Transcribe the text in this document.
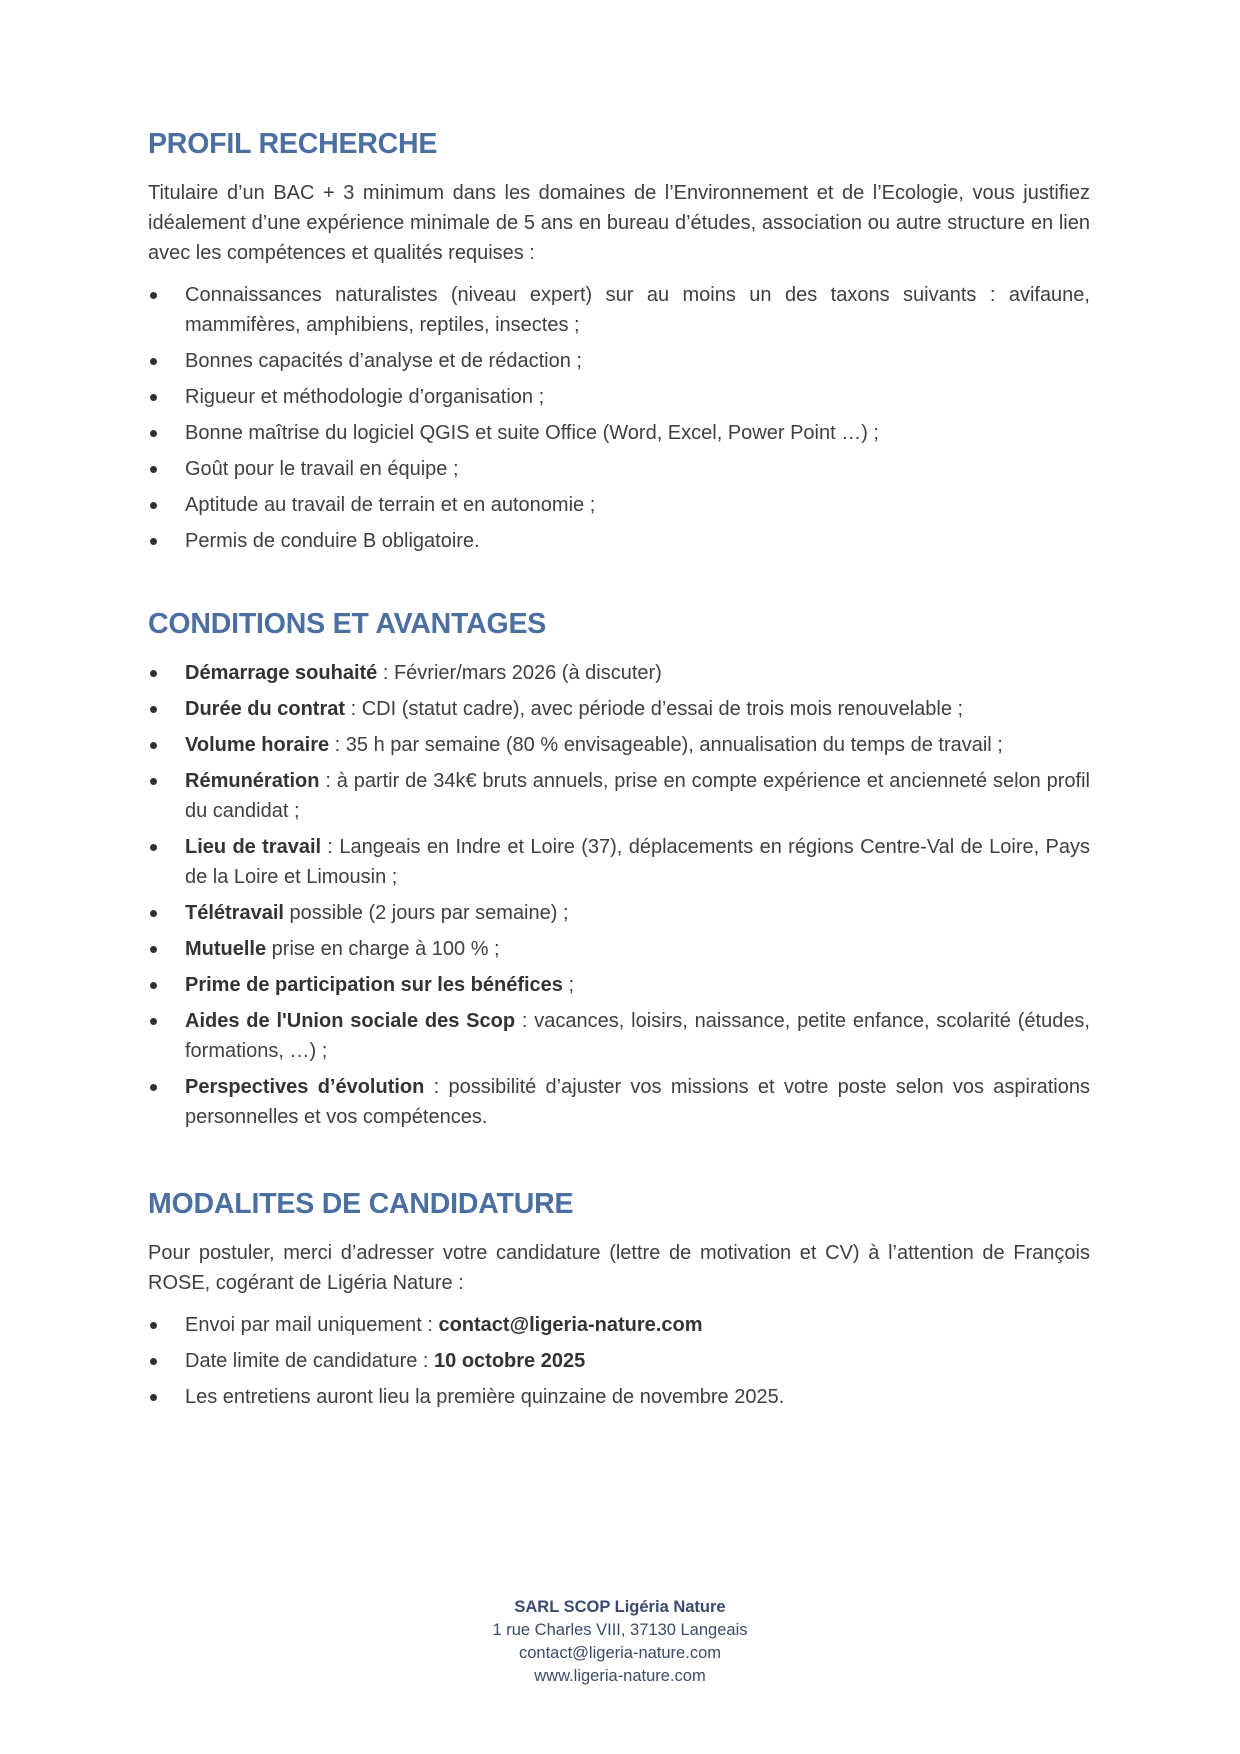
PROFIL RECHERCHE

Titulaire d’un BAC + 3 minimum dans les domaines de l’Environnement et de l’Ecologie, vous justifiez idéalement d’une expérience minimale de 5 ans en bureau d’études, association ou autre structure en lien avec les compétences et qualités requises :

Connaissances naturalistes (niveau expert) sur au moins un des taxons suivants : avifaune, mammifères, amphibiens, reptiles, insectes ;
Bonnes capacités d’analyse et de rédaction ;
Rigueur et méthodologie d’organisation ;
Bonne maîtrise du logiciel QGIS et suite Office (Word, Excel, Power Point …) ;
Goût pour le travail en équipe ;
Aptitude au travail de terrain et en autonomie ;
Permis de conduire B obligatoire.
CONDITIONS ET AVANTAGES
Démarrage souhaité : Février/mars 2026 (à discuter)
Durée du contrat : CDI (statut cadre), avec période d’essai de trois mois renouvelable ;
Volume horaire : 35 h par semaine (80 % envisageable), annualisation du temps de travail ;
Rémunération : à partir de 34k€ bruts annuels, prise en compte expérience et ancienneté selon profil du candidat ;
Lieu de travail : Langeais en Indre et Loire (37), déplacements en régions Centre-Val de Loire, Pays de la Loire et Limousin ;
Télétravail possible (2 jours par semaine) ;
Mutuelle prise en charge à 100 % ;
Prime de participation sur les bénéfices ;
Aides de l'Union sociale des Scop : vacances, loisirs, naissance, petite enfance, scolarité (études, formations, …) ;
Perspectives d’évolution : possibilité d’ajuster vos missions et votre poste selon vos aspirations personnelles et vos compétences.
MODALITES DE CANDIDATURE

Pour postuler, merci d’adresser votre candidature (lettre de motivation et CV) à l’attention de François ROSE, cogérant de Ligéria Nature :

Envoi par mail uniquement : contact@ligeria-nature.com
Date limite de candidature : 10 octobre 2025
Les entretiens auront lieu la première quinzaine de novembre 2025.
SARL SCOP Ligéria Nature
1 rue Charles VIII, 37130 Langeais
contact@ligeria-nature.com
www.ligeria-nature.com
